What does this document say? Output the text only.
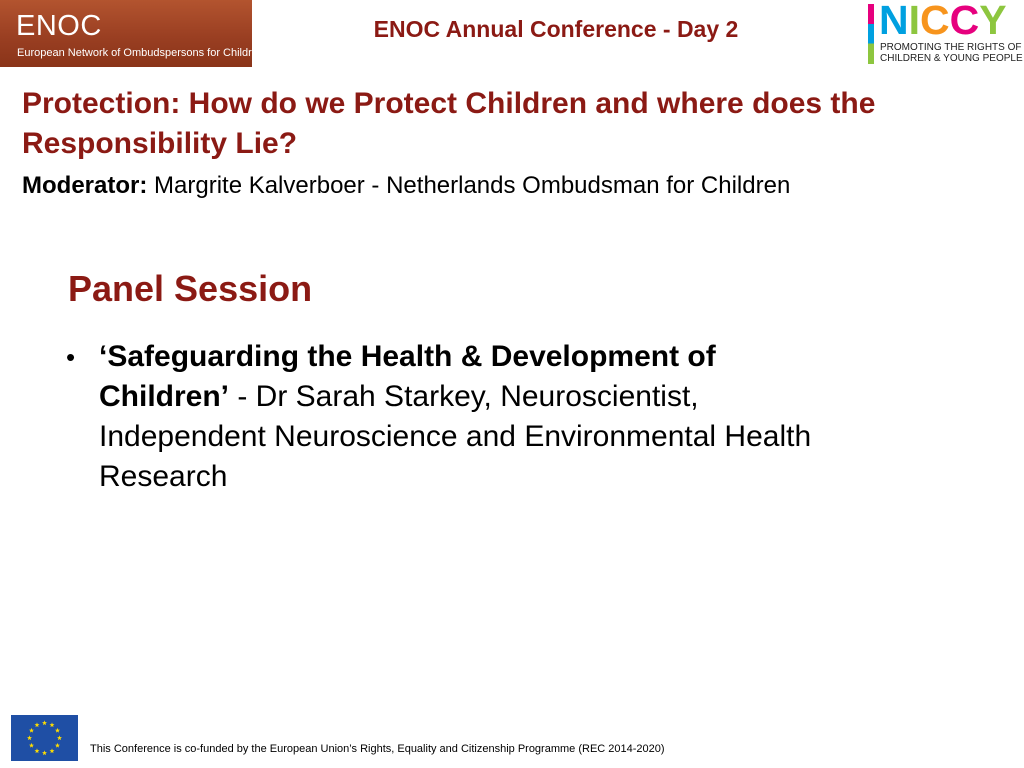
ENOC
European Network of Ombudspersons for Children
ENOC Annual Conference - Day 2	NICCY
PROMOTING THE RIGHTS OF
CHILDREN & YOUNG PEOPLE
Protection: How do we Protect Children and where does the Responsibility Lie?
Moderator: Margrite Kalverboer - Netherlands Ombudsman for Children
Panel Session
• ‘Safeguarding the Health & Development of Children’ - Dr Sarah Starkey, Neuroscientist, Independent Neuroscience and Environmental Health Research
This Conference is co-funded by the European Union’s Rights, Equality and Citizenship Programme (REC 2014-2020)
